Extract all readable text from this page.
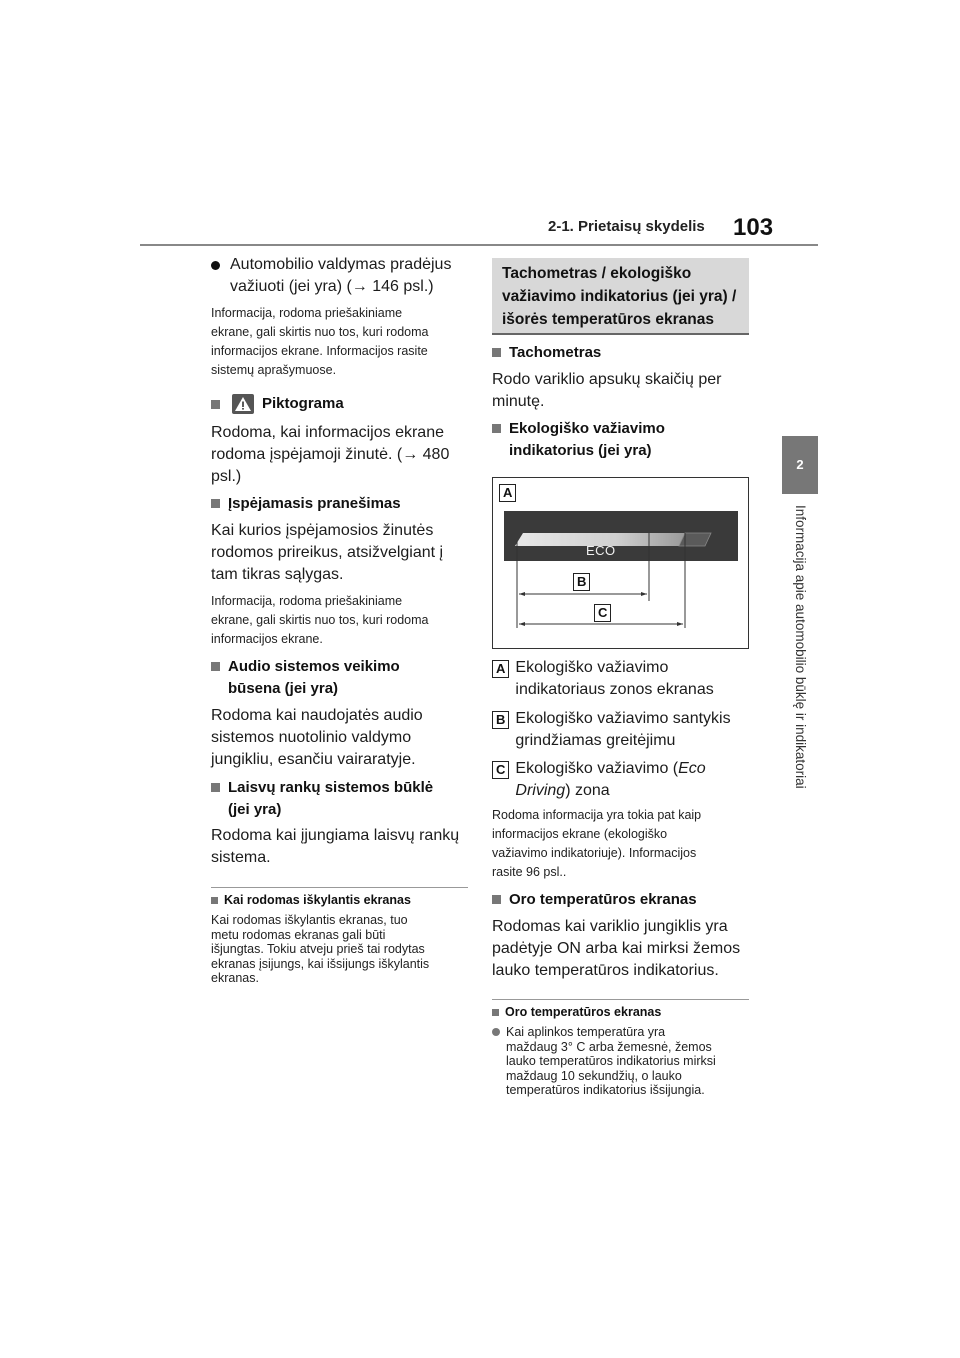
2-1. Prietaisų skydelis 103
2
Informacija apie automobilio būklę ir indikatoriai
Automobilio valdymas pradėjus
važiuoti (jei yra) (→ 146 psl.)
Informacija, rodoma priešakiniame
ekrane, gali skirtis nuo tos, kuri rodoma
informacijos ekrane. Informacijos rasite
sistemų aprašymuose.
Piktograma
Rodoma, kai informacijos ekrane
rodoma įspėjamoji žinutė. (→ 480
psl.)
Įspėjamasis pranešimas
Kai kurios įspėjamosios žinutės
rodomos prireikus, atsižvelgiant į
tam tikras sąlygas.
Informacija, rodoma priešakiniame
ekrane, gali skirtis nuo tos, kuri rodoma
informacijos ekrane.
Audio sistemos veikimo
būsena (jei yra)
Rodoma kai naudojatės audio
sistemos nuotolinio valdymo
jungikliu, esančiu vairaratyje.
Laisvų rankų sistemos būklė
(jei yra)
Rodoma kai įjungiama laisvų rankų
sistema.
Kai rodomas iškylantis ekranas
Kai rodomas iškylantis ekranas, tuo
metu rodomas ekranas gali būti
išjungtas. Tokiu atveju prieš tai rodytas
ekranas įsijungs, kai išsijungs iškylantis
ekranas.
Tachometras / ekologiško
važiavimo indikatorius (jei yra) /
išorės temperatūros ekranas
Tachometras
Rodo variklio apsukų skaičių per
minutę.
Ekologiško važiavimo
indikatorius (jei yra)
A
ECO
B
C
A Ekologiško važiavimo
indikatoriaus zonos ekranas
B Ekologiško važiavimo santykis
grindžiamas greitėjimu
C Ekologiško važiavimo (Eco
Driving) zona
Rodoma informacija yra tokia pat kaip
informacijos ekrane (ekologiško
važiavimo indikatoriuje). Informacijos
rasite 96 psl..
Oro temperatūros ekranas
Rodomas kai variklio jungiklis yra
padėtyje ON arba kai mirksi žemos
lauko temperatūros indikatorius.
Oro temperatūros ekranas
Kai aplinkos temperatūra yra
maždaug 3° C arba žemesnė, žemos
lauko temperatūros indikatorius mirksi
maždaug 10 sekundžių, o lauko
temperatūros indikatorius išsijungia.
